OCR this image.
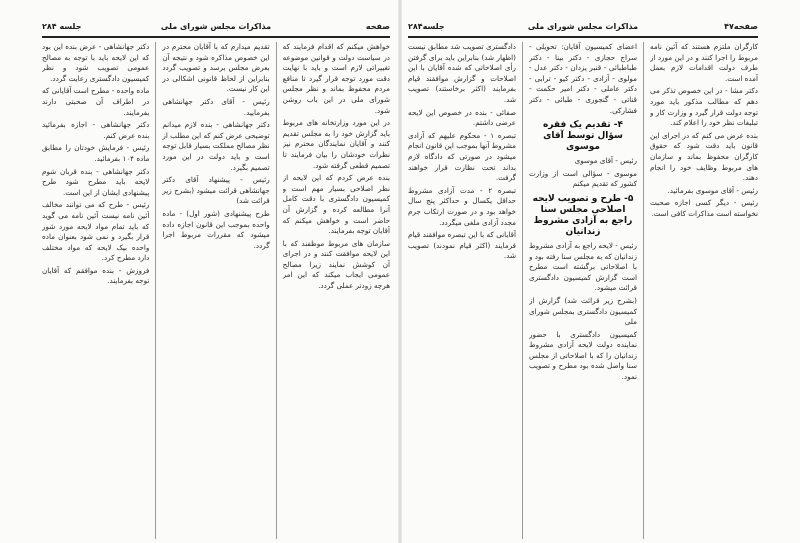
صفحه
مذاکرات مجلس شورای ملی
جلسه ۲۸۴

خواهش میکنم که اقدام فرمایند که در سیاست دولت و قوانین موضوعه تغییراتی لازم است و باید با نهایت دقت مورد توجه قرار گیرد تا منافع مردم محفوظ بماند و نظر مجلس شورای ملی در این باب روشن شود.

در این مورد وزارتخانه های مربوط باید گزارش خود را به مجلس تقدیم کنند و آقایان نمایندگان محترم نیز نظرات خودشان را بیان فرمایند تا تصمیم قطعی گرفته شود.

بنده عرض کردم که این لایحه از نظر اصلاحی بسیار مهم است و کمیسیون دادگستری با دقت کامل آنرا مطالعه کرده و گزارش آن حاضر است و خواهش میکنم که آقایان توجه بفرمایند.

سازمان های مربوط موظفند که با این لایحه موافقت کنند و در اجرای آن کوشش نمایند زیرا مصالح عمومی ایجاب میکند که این امر هرچه زودتر عملی گردد.

تقدیم میدارم که با آقایان محترم در این خصوص مذاکره شود و نتیجه آن بعرض مجلس برسد و تصویب گردد بنابراین از لحاظ قانونی اشکالی در این کار نیست.

رئیس - آقای دکتر جهانشاهی بفرمایید.

دکتر جهانشاهی - بنده لازم میدانم توضیحی عرض کنم که این مطلب از نظر مصالح مملکت بسیار قابل توجه است و باید دولت در این مورد تصمیم بگیرد.

رئیس - پیشنهاد آقای دکتر جهانشاهی قرائت میشود (بشرح زیر قرائت شد)

طرح پیشنهادی (شور اول) - ماده واحده بموجب این قانون اجازه داده میشود که مقررات مربوط اجرا گردد.

دکتر جهانشاهی - عرض بنده این بود که این لایحه باید با توجه به مصالح عمومی تصویب شود و نظر کمیسیون دادگستری رعایت گردد.

ماده واحده - مطرح است آقایانی که در اطراف آن صحبتی دارند بفرمایند.

دکتر جهانشاهی - اجازه بفرمائید بنده عرض کنم.

رئیس - فرمایش خودتان را مطابق ماده ۱۰۴ بفرمائید.

دکتر جهانشاهی - بنده قربان شوم لایحه باید مطرح شود طرح پیشنهادی ایشان از این است.

رئیس - طرح که می توانند مخالف آئین نامه نیست آئین نامه می گوید که باید تمام مواد لایحه مورد شور قرار بگیرد و نمی شود بعنوان ماده واحده بیک لایحه که مواد مختلف دارد مطرح کرد.

فروزش - بنده موافقم که آقایان توجه بفرمایند.

صفحه۴۷
مذاکرات مجلس شورای ملی
جلسه۲۸۴

کارگران ملتزم هستند که آئین نامه مربوط را اجرا کنند و در این مورد از طرف دولت اقدامات لازم بعمل آمده است.

دکتر مشا - در این خصوص تذکر می دهم که مطالب مذکور باید مورد توجه دولت قرار گیرد و وزارت کار و تبلیغات نظر خود را اعلام کند.

بنده عرض می کنم که در اجرای این قانون باید دقت شود که حقوق کارگران محفوظ بماند و سازمان های مربوط وظایف خود را انجام دهند.

رئیس - آقای موسوی بفرمائید.

رئیس - دیگر کسی اجازه صحبت نخواسته است مذاکرات کافی است.

اعضای کمیسیون آقایان: تحویلی - سراج حجازی - دکتر بینا - دکتر طباطبائی - قنبر یزدان - دکتر عدل - مولوی - آزادی - دکتر کیو - ترابی - دکتر عاملی - دکتر امیر حکمت - قناتی - گنجوری - طبائی - دکتر فشارکی.

۴- تقدیم یک فقره سؤال توسط آقای موسوی

رئیس - آقای موسوی

موسوی - سؤالی است از وزارت کشور که تقدیم میکنم

۵- طرح و تصویب لایحه اصلاحی مجلس سنا راجع به آزادی مشروط زندانیان

رئیس - لایحه راجع به آزادی مشروط زندانیان که به مجلس سنا رفته بود و با اصلاحاتی برگشته است مطرح است گزارش کمیسیون دادگستری قرائت میشود.

(بشرح زیر قرائت شد) گزارش از کمیسیون دادگستری بمجلس شورای ملی

کمیسیون دادگستری با حضور نماینده دولت لایحه آزادی مشروط زندانیان را که با اصلاحاتی از مجلس سنا واصل شده بود مطرح و تصویب نمود.

دادگستری تصویب شد مطابق نیست (اظهار شد) بنابراین باید برای گرفتن رأی اصلاحاتی که شده آقایان با این اصلاحات و گزارش موافقند قیام بفرمایند (اکثر برخاستند) تصویب شد.

صفائی - بنده در خصوص این لایحه عرضی داشتم.

تبصره ۱ - محکوم علیهم که آزادی مشروط آنها بموجب این قانون انجام میشود در صورتی که دادگاه لازم بداند تحت نظارت قرار خواهند گرفت.

تبصره ۲ - مدت آزادی مشروط حداقل یکسال و حداکثر پنج سال خواهد بود و در صورت ارتکاب جرم مجدد آزادی ملغی میگردد.

آقایانی که با این تبصره موافقند قیام فرمایند (اکثر قیام نمودند) تصویب شد.
